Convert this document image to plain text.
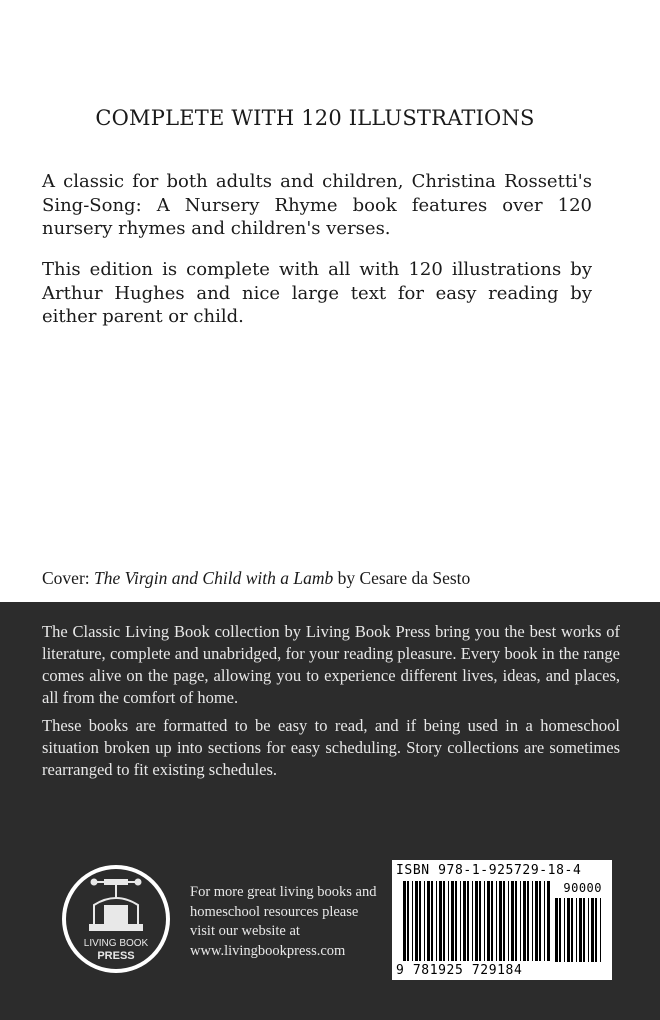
COMPLETE WITH 120 ILLUSTRATIONS
A classic for both adults and children, Christina Rossetti's Sing-Song: A Nursery Rhyme book features over 120 nursery rhymes and children's verses.
This edition is complete with all with 120 illustrations by Arthur Hughes and nice large text for easy reading by either parent or child.
Cover: The Virgin and Child with a Lamb by Cesare da Sesto
The Classic Living Book collection by Living Book Press bring you the best works of literature, complete and unabridged, for your reading pleasure. Every book in the range comes alive on the page, allowing you to experience different lives, ideas, and places, all from the comfort of home.
These books are formatted to be easy to read, and if being used in a homeschool situation broken up into sections for easy scheduling. Story collections are sometimes rearranged to fit existing schedules.
LIVING BOOK
PRESS
For more great living books and homeschool resources please visit our website at www.livingbookpress.com
ISBN 978-1-925729-18-4
90000
9 781925 729184
